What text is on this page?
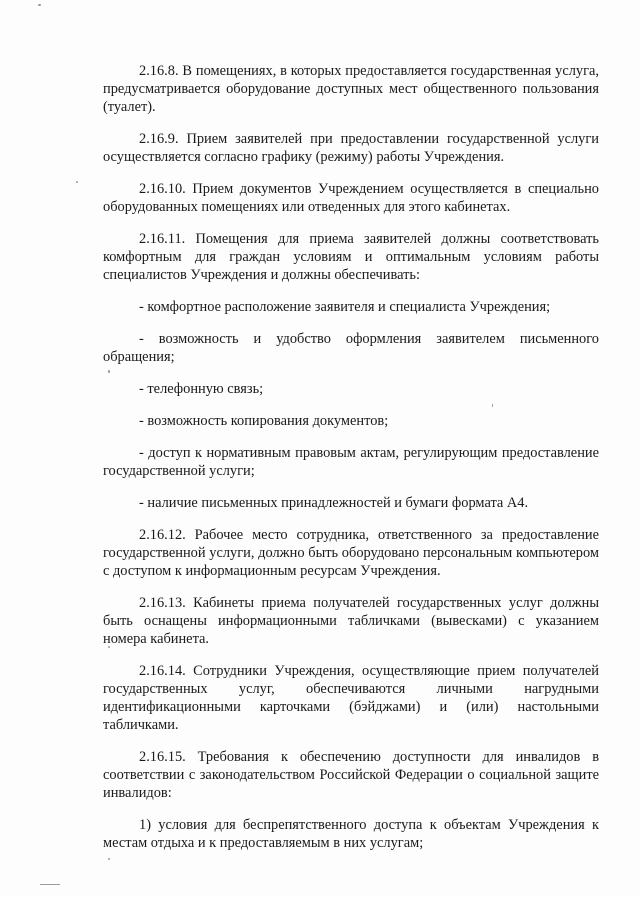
2.16.8. В помещениях, в которых предоставляется государственная услуга, предусматривается оборудование доступных мест общественного пользования (туалет).

2.16.9. Прием заявителей при предоставлении государственной услуги осуществляется согласно графику (режиму) работы Учреждения.

2.16.10. Прием документов Учреждением осуществляется в специально оборудованных помещениях или отведенных для этого кабинетах.

2.16.11. Помещения для приема заявителей должны соответствовать комфортным для граждан условиям и оптимальным условиям работы специалистов Учреждения и должны обеспечивать:

- комфортное расположение заявителя и специалиста Учреждения;

- возможность и удобство оформления заявителем письменного обращения;

- телефонную связь;

- возможность копирования документов;

- доступ к нормативным правовым актам, регулирующим предоставление государственной услуги;

- наличие письменных принадлежностей и бумаги формата А4.

2.16.12. Рабочее место сотрудника, ответственного за предоставление государственной услуги, должно быть оборудовано персональным компьютером с доступом к информационным ресурсам Учреждения.

2.16.13. Кабинеты приема получателей государственных услуг должны быть оснащены информационными табличками (вывесками) с указанием номера кабинета.

2.16.14. Сотрудники Учреждения, осуществляющие прием получателей государственных услуг, обеспечиваются личными нагрудными идентификационными карточками (бэйджами) и (или) настольными табличками.

2.16.15. Требования к обеспечению доступности для инвалидов в соответствии с законодательством Российской Федерации о социальной защите инвалидов:

1) условия для беспрепятственного доступа к объектам Учреждения к местам отдыха и к предоставляемым в них услугам;
